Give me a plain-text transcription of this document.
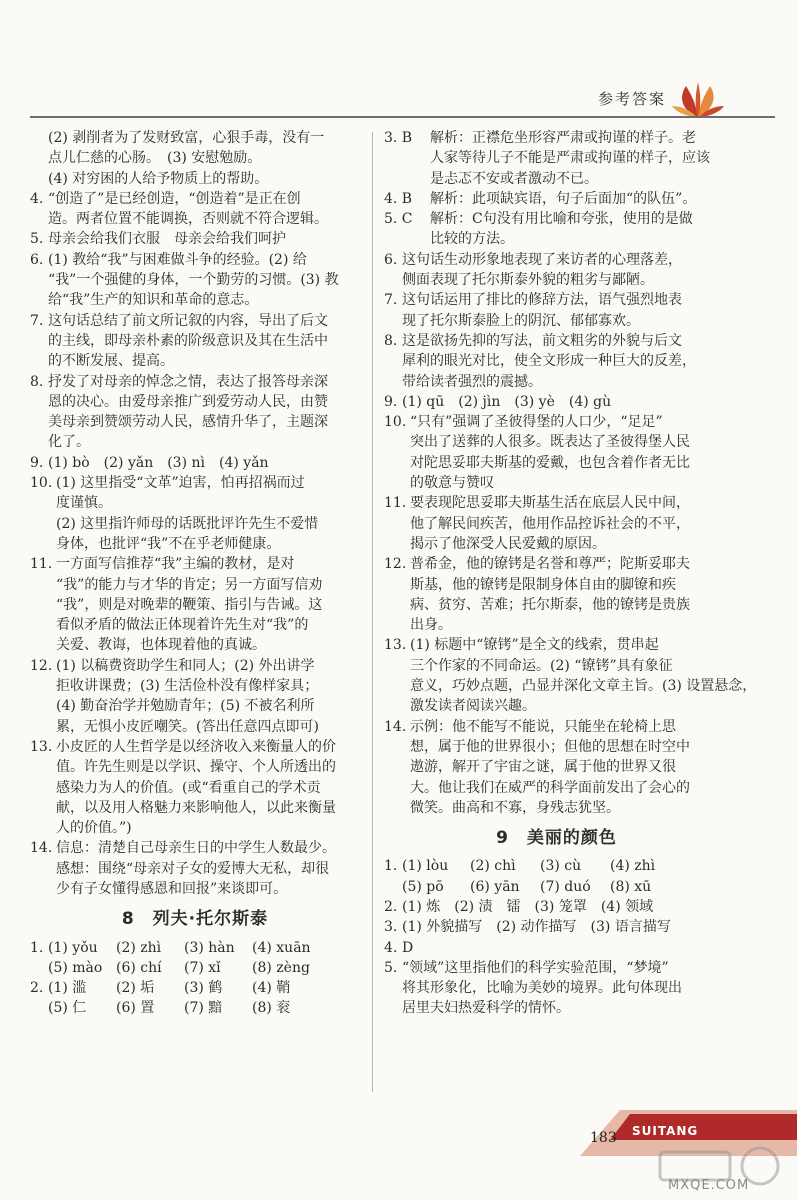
参考答案
(2) 剥削者为了发财致富，心狠手毒，没有一
点儿仁慈的心肠。　(3) 安慰勉励。
(4) 对穷困的人给予物质上的帮助。
4. “创造了”是已经创造，“创造着”是正在创
造。两者位置不能调换，否则就不符合逻辑。
5. 母亲会给我们衣服　母亲会给我们呵护
6. (1) 教给“我”与困难做斗争的经验。(2) 给
“我”一个强健的身体，一个勤劳的习惯。(3) 教
给“我”生产的知识和革命的意志。
7. 这句话总结了前文所记叙的内容，导出了后文
的主线，即母亲朴素的阶级意识及其在生活中
的不断发展、提高。
8. 抒发了对母亲的悼念之情，表达了报答母亲深
恩的决心。由爱母亲推广到爱劳动人民，由赞
美母亲到赞颂劳动人民，感情升华了，主题深
化了。
9. (1) bò　(2) yǎn　(3) nì　(4) yǎn
10. (1) 这里指受“文革”迫害，怕再招祸而过
度谨慎。
(2) 这里指许师母的话既批评许先生不爱惜
身体，也批评“我”不在乎老师健康。
11. 一方面写信推荐“我”主编的教材，是对
“我”的能力与才华的肯定；另一方面写信劝
“我”，则是对晚辈的鞭策、指引与告诫。这
看似矛盾的做法正体现着许先生对“我”的
关爱、教诲，也体现着他的真诚。
12. (1) 以稿费资助学生和同人；(2) 外出讲学
拒收讲课费；(3) 生活俭朴没有像样家具；
(4) 勤奋治学并勉励青年；(5) 不被名利所
累，无惧小皮匠嘲笑。(答出任意四点即可)
13. 小皮匠的人生哲学是以经济收入来衡量人的价
值。许先生则是以学识、操守、个人所透出的
感染力为人的价值。(或“看重自己的学术贡
献，以及用人格魅力来影响他人，以此来衡量
人的价值。”)
14. 信息：清楚自己母亲生日的中学生人数最少。
感想：围绕“母亲对子女的爱博大无私，却很
少有子女懂得感恩和回报”来谈即可。
8　列夫·托尔斯泰
1. (1) yǒu	(2) zhì	(3) hàn	(4) xuān
(5) mào (6) chí	(7) xǐ	(8) zèng
2. (1) 滥	(2) 垢	(3) 鹤	(4) 鞘
(5) 仁	(6) 置	(7) 黯	(8) 衮
3. B 解析：正襟危坐形容严肃或拘谨的样子。老
人家等待儿子不能是严肃或拘谨的样子，应该
是忐忑不安或者激动不已。
4. B 解析：此项缺宾语，句子后面加“的队伍”。
5. C 解析：C句没有用比喻和夸张，使用的是做
比较的方法。
6. 这句话生动形象地表现了来访者的心理落差，
侧面表现了托尔斯泰外貌的粗劣与鄙陋。
7. 这句话运用了排比的修辞方法，语气强烈地表
现了托尔斯泰脸上的阴沉、郁郁寡欢。
8. 这是欲扬先抑的写法，前文粗劣的外貌与后文
犀利的眼光对比，使全文形成一种巨大的反差，
带给读者强烈的震撼。
9. (1) qū　(2) jìn　(3) yè　(4) gù
10. “只有”强调了圣彼得堡的人口少，“足足”
突出了送葬的人很多。既表达了圣彼得堡人民
对陀思妥耶夫斯基的爱戴，也包含着作者无比
的敬意与赞叹
11. 要表现陀思妥耶夫斯基生活在底层人民中间，
他了解民间疾苦，他用作品控诉社会的不平，
揭示了他深受人民爱戴的原因。
12. 普希金，他的镣铐是名誉和尊严；陀斯妥耶夫
斯基，他的镣铐是限制身体自由的脚镣和疾
病、贫穷、苦难；托尔斯泰，他的镣铐是贵族
出身。
13. (1) 标题中“镣铐”是全文的线索，贯串起
三个作家的不同命运。(2) “镣铐”具有象征
意义，巧妙点题，凸显并深化文章主旨。(3) 设置悬念，
激发读者阅读兴趣。
14. 示例：他不能写不能说，只能坐在轮椅上思
想，属于他的世界很小；但他的思想在时空中
遨游，解开了宇宙之谜，属于他的世界又很
大。他让我们在威严的科学面前发出了会心的
微笑。曲高和不寡，身残志犹坚。
9　美丽的颜色
1. (1) lòu	(2) chì	(3) cù	(4) zhì
(5) pō	(6) yān	(7) duó	(8) xū
2. (1) 炼　(2) 渍　镭　(3) 笼罩　(4) 领域
3. (1) 外貌描写　(2) 动作描写　(3) 语言描写
4. D
5. “领域”这里指他们的科学实验范围，“梦境”
将其形象化，比喻为美妙的境界。此句体现出
居里夫妇热爱科学的情怀。
183 SUITANG
MXQE.COM
